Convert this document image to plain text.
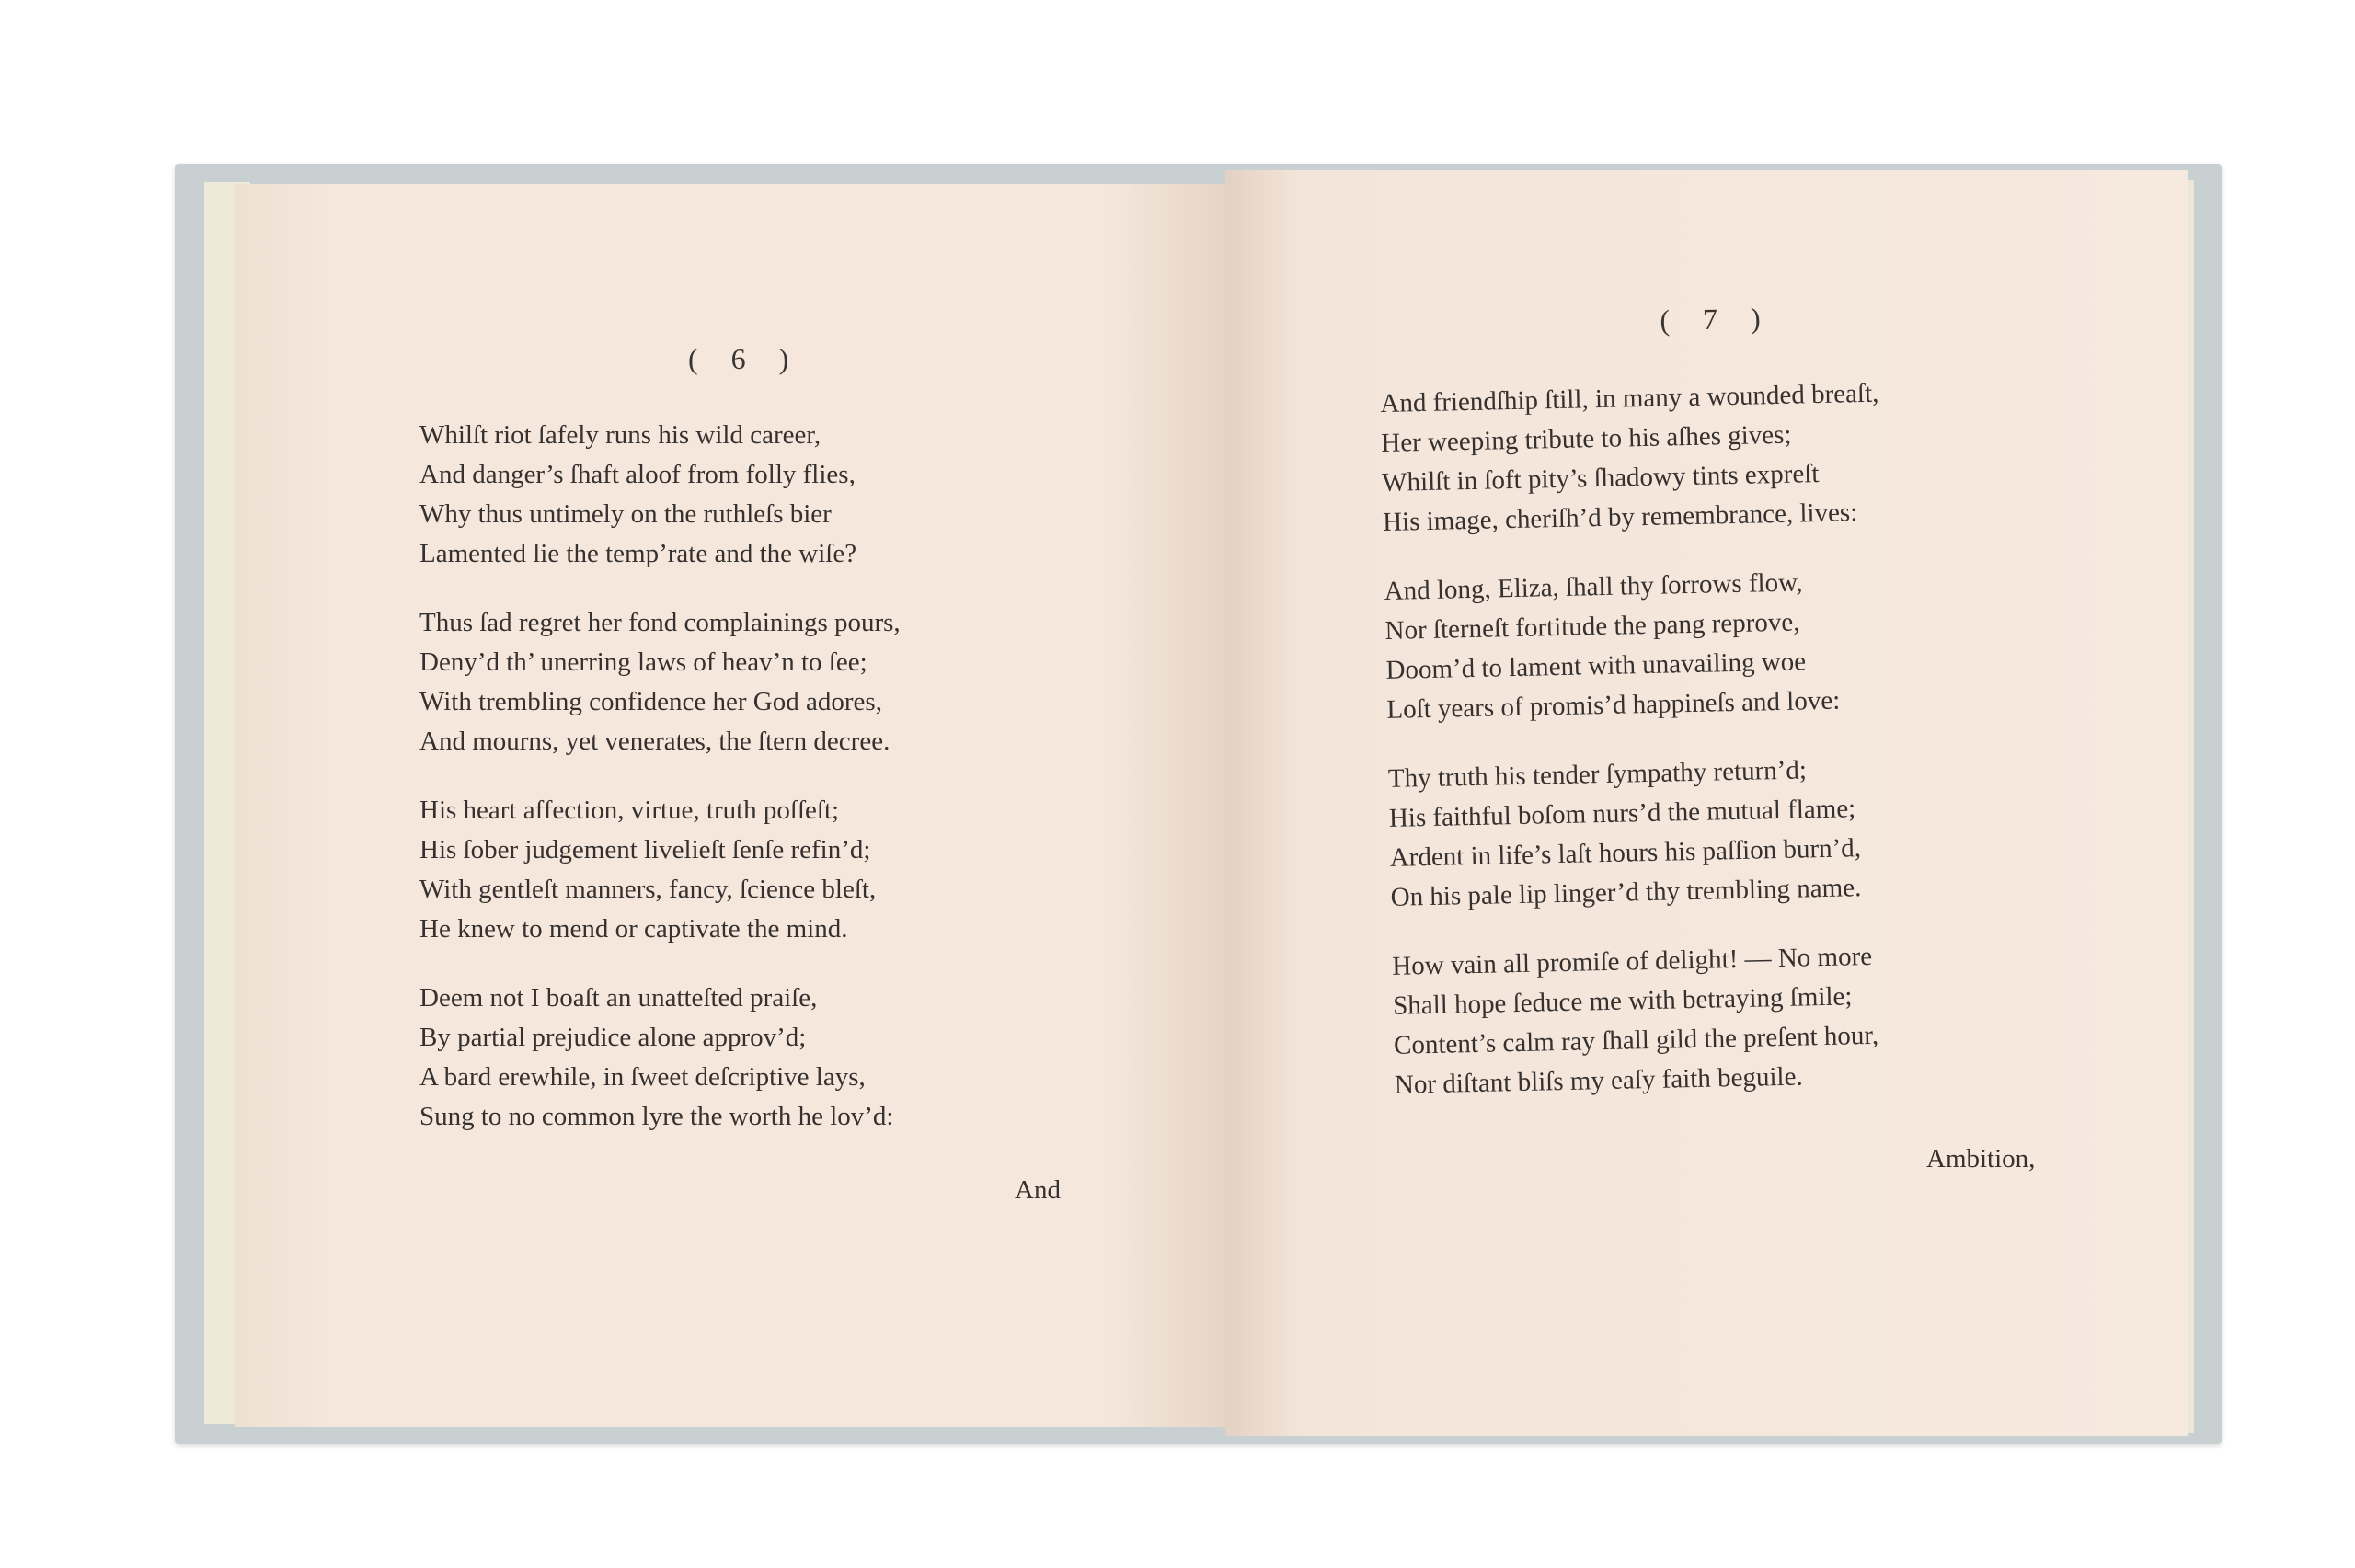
( 6 )
Whilſt riot ſafely runs his wild career,
And danger’s ſhaft aloof from folly flies,
Why thus untimely on the ruthleſs bier
Lamented lie the temp’rate and the wiſe?
Thus ſad regret her fond complainings pours,
Deny’d th’ unerring laws of heav’n to ſee;
With trembling confidence her God adores,
And mourns, yet venerates, the ſtern decree.
His heart affection, virtue, truth poſſeſt;
His ſober judgement livelieſt ſenſe refin’d;
With gentleſt manners, fancy, ſcience bleſt,
He knew to mend or captivate the mind.
Deem not I boaſt an unatteſted praiſe,
By partial prejudice alone approv’d;
A bard erewhile, in ſweet deſcriptive lays,
Sung to no common lyre the worth he lov’d:
And
( 7 )
And friendſhip ſtill, in many a wounded breaſt,
Her weeping tribute to his aſhes gives;
Whilſt in ſoft pity’s ſhadowy tints expreſt
His image, cheriſh’d by remembrance, lives:
And long, Eliza, ſhall thy ſorrows flow,
Nor ſterneſt fortitude the pang reprove,
Doom’d to lament with unavailing woe
Loſt years of promis’d happineſs and love:
Thy truth his tender ſympathy return’d;
His faithful boſom nurs’d the mutual flame;
Ardent in life’s laſt hours his paſſion burn’d,
On his pale lip linger’d thy trembling name.
How vain all promiſe of delight! — No more
Shall hope ſeduce me with betraying ſmile;
Content’s calm ray ſhall gild the preſent hour,
Nor diſtant bliſs my eaſy faith beguile.
Ambition,
